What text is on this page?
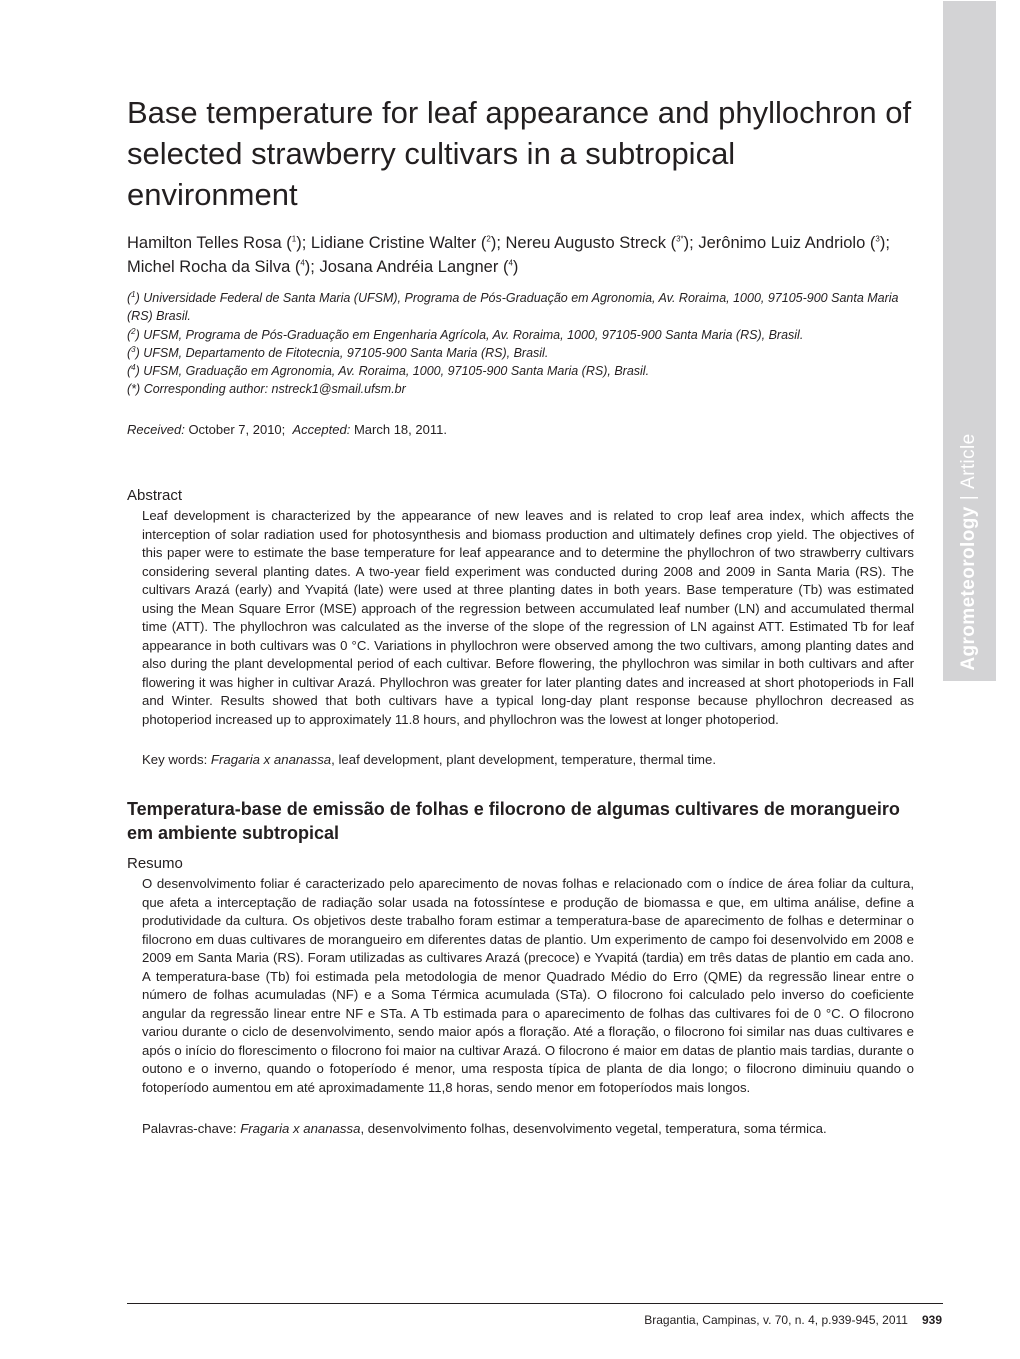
Agrometeorology|Article
Base temperature for leaf appearance and phyllochron of selected strawberry cultivars in a subtropical environment

Hamilton Telles Rosa ($^1$); Lidiane Cristine Walter ($^2$); Nereu Augusto Streck ($^{3*}$); Jerônimo Luiz Andriolo ($^3$); Michel Rocha da Silva ($^4$); Josana Andréia Langner ($^4$)

($^1$) Universidade Federal de Santa Maria (UFSM), Programa de Pós-Graduação em Agronomia, Av. Roraima, 1000, 97105-900 Santa Maria (RS) Brasil.
($^2$) UFSM, Programa de Pós-Graduação em Engenharia Agrícola, Av. Roraima, 1000, 97105-900 Santa Maria (RS), Brasil.
($^3$) UFSM, Departamento de Fitotecnia, 97105-900 Santa Maria (RS), Brasil.
($^4$) UFSM, Graduação em Agronomia, Av. Roraima, 1000, 97105-900 Santa Maria (RS), Brasil.
(*) Corresponding author: nstreck1@smail.ufsm.br
Received: October 7, 2010; Accepted: March 18, 2011.
Abstract

Leaf development is characterized by the appearance of new leaves and is related to crop leaf area index, which affects the interception of solar radiation used for photosynthesis and biomass production and ultimately defines crop yield. The objectives of this paper were to estimate the base temperature for leaf appearance and to determine the phyllochron of two strawberry cultivars considering several planting dates. A two-year field experiment was conducted during 2008 and 2009 in Santa Maria (RS). The cultivars Arazá (early) and Yvapitá (late) were used at three planting dates in both years. Base temperature (Tb) was estimated using the Mean Square Error (MSE) approach of the regression between accumulated leaf number (LN) and accumulated thermal time (ATT). The phyllochron was calculated as the inverse of the slope of the regression of LN against ATT. Estimated Tb for leaf appearance in both cultivars was 0 °C. Variations in phyllochron were observed among the two cultivars, among planting dates and also during the plant developmental period of each cultivar. Before flowering, the phyllochron was similar in both cultivars and after flowering it was higher in cultivar Arazá. Phyllochron was greater for later planting dates and increased at short photoperiods in Fall and Winter. Results showed that both cultivars have a typical long-day plant response because phyllochron decreased as photoperiod increased up to approximately 11.8 hours, and phyllochron was the lowest at longer photoperiod.

Key words: Fragaria x ananassa, leaf development, plant development, temperature, thermal time.
Temperatura-base de emissão de folhas e filocrono de algumas cultivares de morangueiro em ambiente subtropical
Resumo

O desenvolvimento foliar é caracterizado pelo aparecimento de novas folhas e relacionado com o índice de área foliar da cultura, que afeta a interceptação de radiação solar usada na fotossíntese e produção de biomassa e que, em ultima análise, define a produtividade da cultura. Os objetivos deste trabalho foram estimar a temperatura-base de aparecimento de folhas e determinar o filocrono em duas cultivares de morangueiro em diferentes datas de plantio. Um experimento de campo foi desenvolvido em 2008 e 2009 em Santa Maria (RS). Foram utilizadas as cultivares Arazá (precoce) e Yvapitá (tardia) em três datas de plantio em cada ano. A temperatura-base (Tb) foi estimada pela metodologia de menor Quadrado Médio do Erro (QME) da regressão linear entre o número de folhas acumuladas (NF) e a Soma Térmica acumulada (STa). O filocrono foi calculado pelo inverso do coeficiente angular da regressão linear entre NF e STa. A Tb estimada para o aparecimento de folhas das cultivares foi de 0 °C. O filocrono variou durante o ciclo de desenvolvimento, sendo maior após a floração. Até a floração, o filocrono foi similar nas duas cultivares e após o início do florescimento o filocrono foi maior na cultivar Arazá. O filocrono é maior em datas de plantio mais tardias, durante o outono e o inverno, quando o fotoperíodo é menor, uma resposta típica de planta de dia longo; o filocrono diminuiu quando o fotoperíodo aumentou em até aproximadamente 11,8 horas, sendo menor em fotoperíodos mais longos.

Palavras-chave: Fragaria x ananassa, desenvolvimento folhas, desenvolvimento vegetal, temperatura, soma térmica.
Bragantia, Campinas, v. 70, n. 4, p.939-945, 2011 939
